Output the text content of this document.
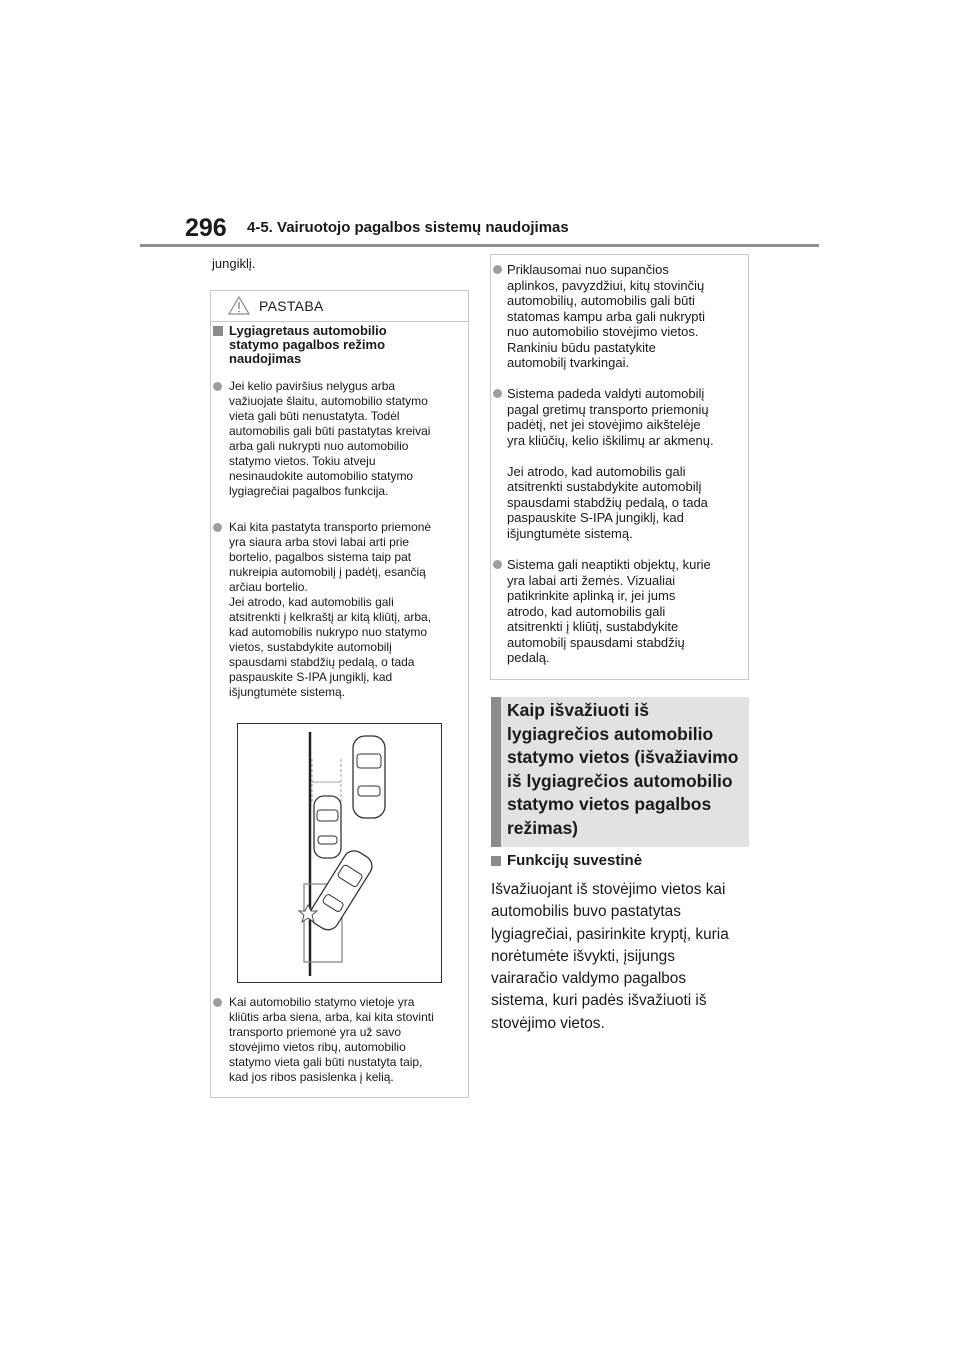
296 4-5. Vairuotojo pagalbos sistemų naudojimas
jungiklį.
PASTABA
Lygiagretaus automobilio
statymo pagalbos režimo
naudojimas
Jei kelio paviršius nelygus arba
važiuojate šlaitu, automobilio statymo
vieta gali būti nenustatyta. Todėl
automobilis gali būti pastatytas kreivai
arba gali nukrypti nuo automobilio
statymo vietos. Tokiu atveju
nesinaudokite automobilio statymo
lygiagrečiai pagalbos funkcija.
Kai kita pastatyta transporto priemonė
yra siaura arba stovi labai arti prie
bortelio, pagalbos sistema taip pat
nukreipia automobilį į padėtį, esančią
arčiau bortelio.
Jei atrodo, kad automobilis gali
atsitrenkti į kelkraštį ar kitą kliūtį, arba,
kad automobilis nukrypo nuo statymo
vietos, sustabdykite automobilį
spausdami stabdžių pedalą, o tada
paspauskite S-IPA jungiklį, kad
išjungtumėte sistemą.
Kai automobilio statymo vietoje yra
kliūtis arba siena, arba, kai kita stovinti
transporto priemonė yra už savo
stovėjimo vietos ribų, automobilio
statymo vieta gali būti nustatyta taip,
kad jos ribos pasislenka į kelią.
Priklausomai nuo supančios
aplinkos, pavyzdžiui, kitų stovinčių
automobilių, automobilis gali būti
statomas kampu arba gali nukrypti
nuo automobilio stovėjimo vietos.
Rankiniu būdu pastatykite
automobilį tvarkingai.
Sistema padeda valdyti automobilį
pagal gretimų transporto priemonių
padėtį, net jei stovėjimo aikštelėje
yra kliūčių, kelio iškilimų ar akmenų.

Jei atrodo, kad automobilis gali
atsitrenkti sustabdykite automobilį
spausdami stabdžių pedalą, o tada
paspauskite S-IPA jungiklį, kad
išjungtumėte sistemą.
Sistema gali neaptikti objektų, kurie
yra labai arti žemės. Vizualiai
patikrinkite aplinką ir, jei jums
atrodo, kad automobilis gali
atsitrenkti į kliūtį, sustabdykite
automobilį spausdami stabdžių
pedalą.
Kaip išvažiuoti iš lygiagrečios automobilio statymo vietos (išvažiavimo iš lygiagrečios automobilio statymo vietos pagalbos režimas)
Funkcijų suvestinė
Išvažiuojant iš stovėjimo vietos kai
automobilis buvo pastatytas
lygiagrečiai, pasirinkite kryptį, kuria
norėtumėte išvykti, įsijungs
vairaračio valdymo pagalbos
sistema, kuri padės išvažiuoti iš
stovėjimo vietos.
